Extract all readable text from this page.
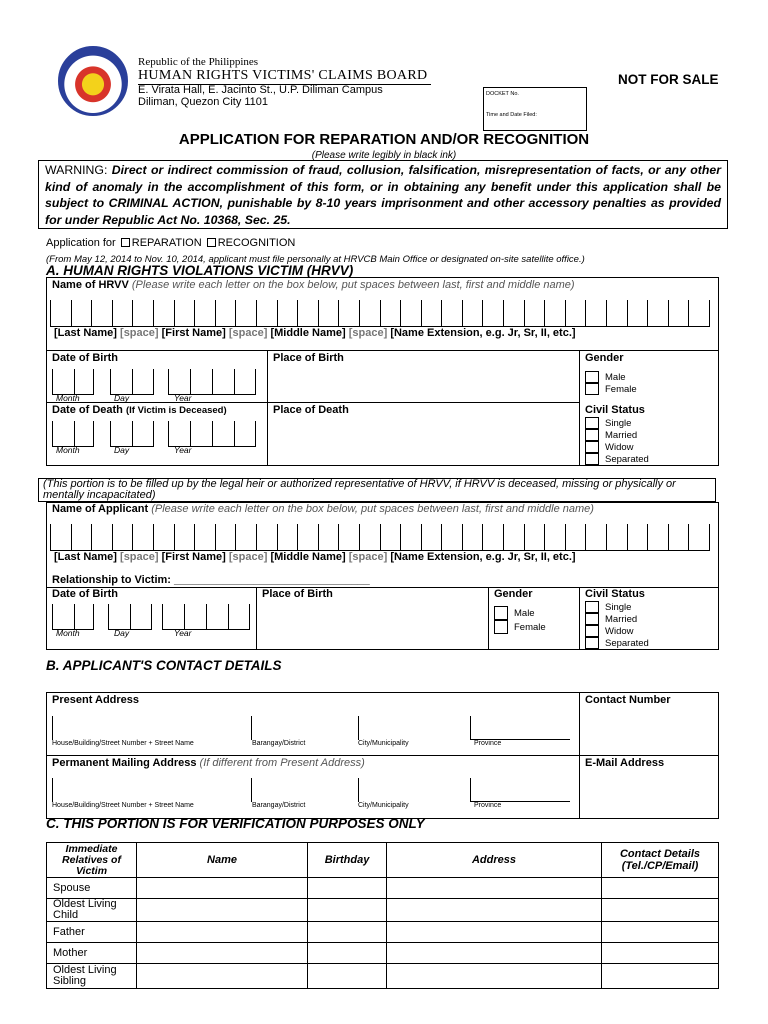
Republic of the Philippines
HUMAN RIGHTS VICTIMS' CLAIMS BOARD
E. Virata Hall, E. Jacinto St., U.P. Diliman Campus
Diliman, Quezon City 1101
NOT FOR SALE
DOCKET No.
Time and Date Filed:
APPLICATION FOR REPARATION AND/OR RECOGNITION
(Please write legibly in black ink)
WARNING: Direct or indirect commission of fraud, collusion, falsification, misrepresentation of facts, or any other kind of anomaly in the accomplishment of this form, or in obtaining any benefit under this application shall be subject to CRIMINAL ACTION, punishable by 8-10 years imprisonment and other accessory penalties as provided for under Republic Act No. 10368, Sec. 25.
Application for REPARATION RECOGNITION
(From May 12, 2014 to Nov. 10, 2014, applicant must file personally at HRVCB Main Office or designated on-site satellite office.)
A. HUMAN RIGHTS VIOLATIONS VICTIM (HRVV)
Name of HRVV (Please write each letter on the box below, put spaces between last, first and middle name)
[Last Name] [space] [First Name] [space] [Middle Name] [space] [Name Extension, e.g. Jr, Sr, II, etc.]
Date of Birth	Place of Birth	Gender
Month	Day	Year
Male
Female
Date of Death (If Victim is Deceased)	Place of Death	Civil Status
Month	Day	Year
Single
Married
Widow
Separated
(This portion is to be filled up by the legal heir or authorized representative of HRVV, if HRVV is deceased, missing or physically or mentally incapacitated)
Name of Applicant (Please write each letter on the box below, put spaces between last, first and middle name)
[Last Name] [space] [First Name] [space] [Middle Name] [space] [Name Extension, e.g. Jr, Sr, II, etc.]
Relationship to Victim: ________________________________
Date of Birth	Place of Birth	Gender	Civil Status
Month	Day	Year
Male
Female
Single
Married
Widow
Separated
B. APPLICANT'S CONTACT DETAILS
Present Address	Contact Number
House/Building/Street Number + Street Name	Barangay/District	City/Municipality	Province
Permanent Mailing Address (If different from Present Address)	E-Mail Address
House/Building/Street Number + Street Name	Barangay/District	City/Municipality	Province
C. THIS PORTION IS FOR VERIFICATION PURPOSES ONLY
Immediate Relatives of Victim	Name	Birthday	Address	Contact Details (Tel./CP/Email)
Spouse				
Oldest Living Child				
Father				
Mother				
Oldest Living Sibling				
